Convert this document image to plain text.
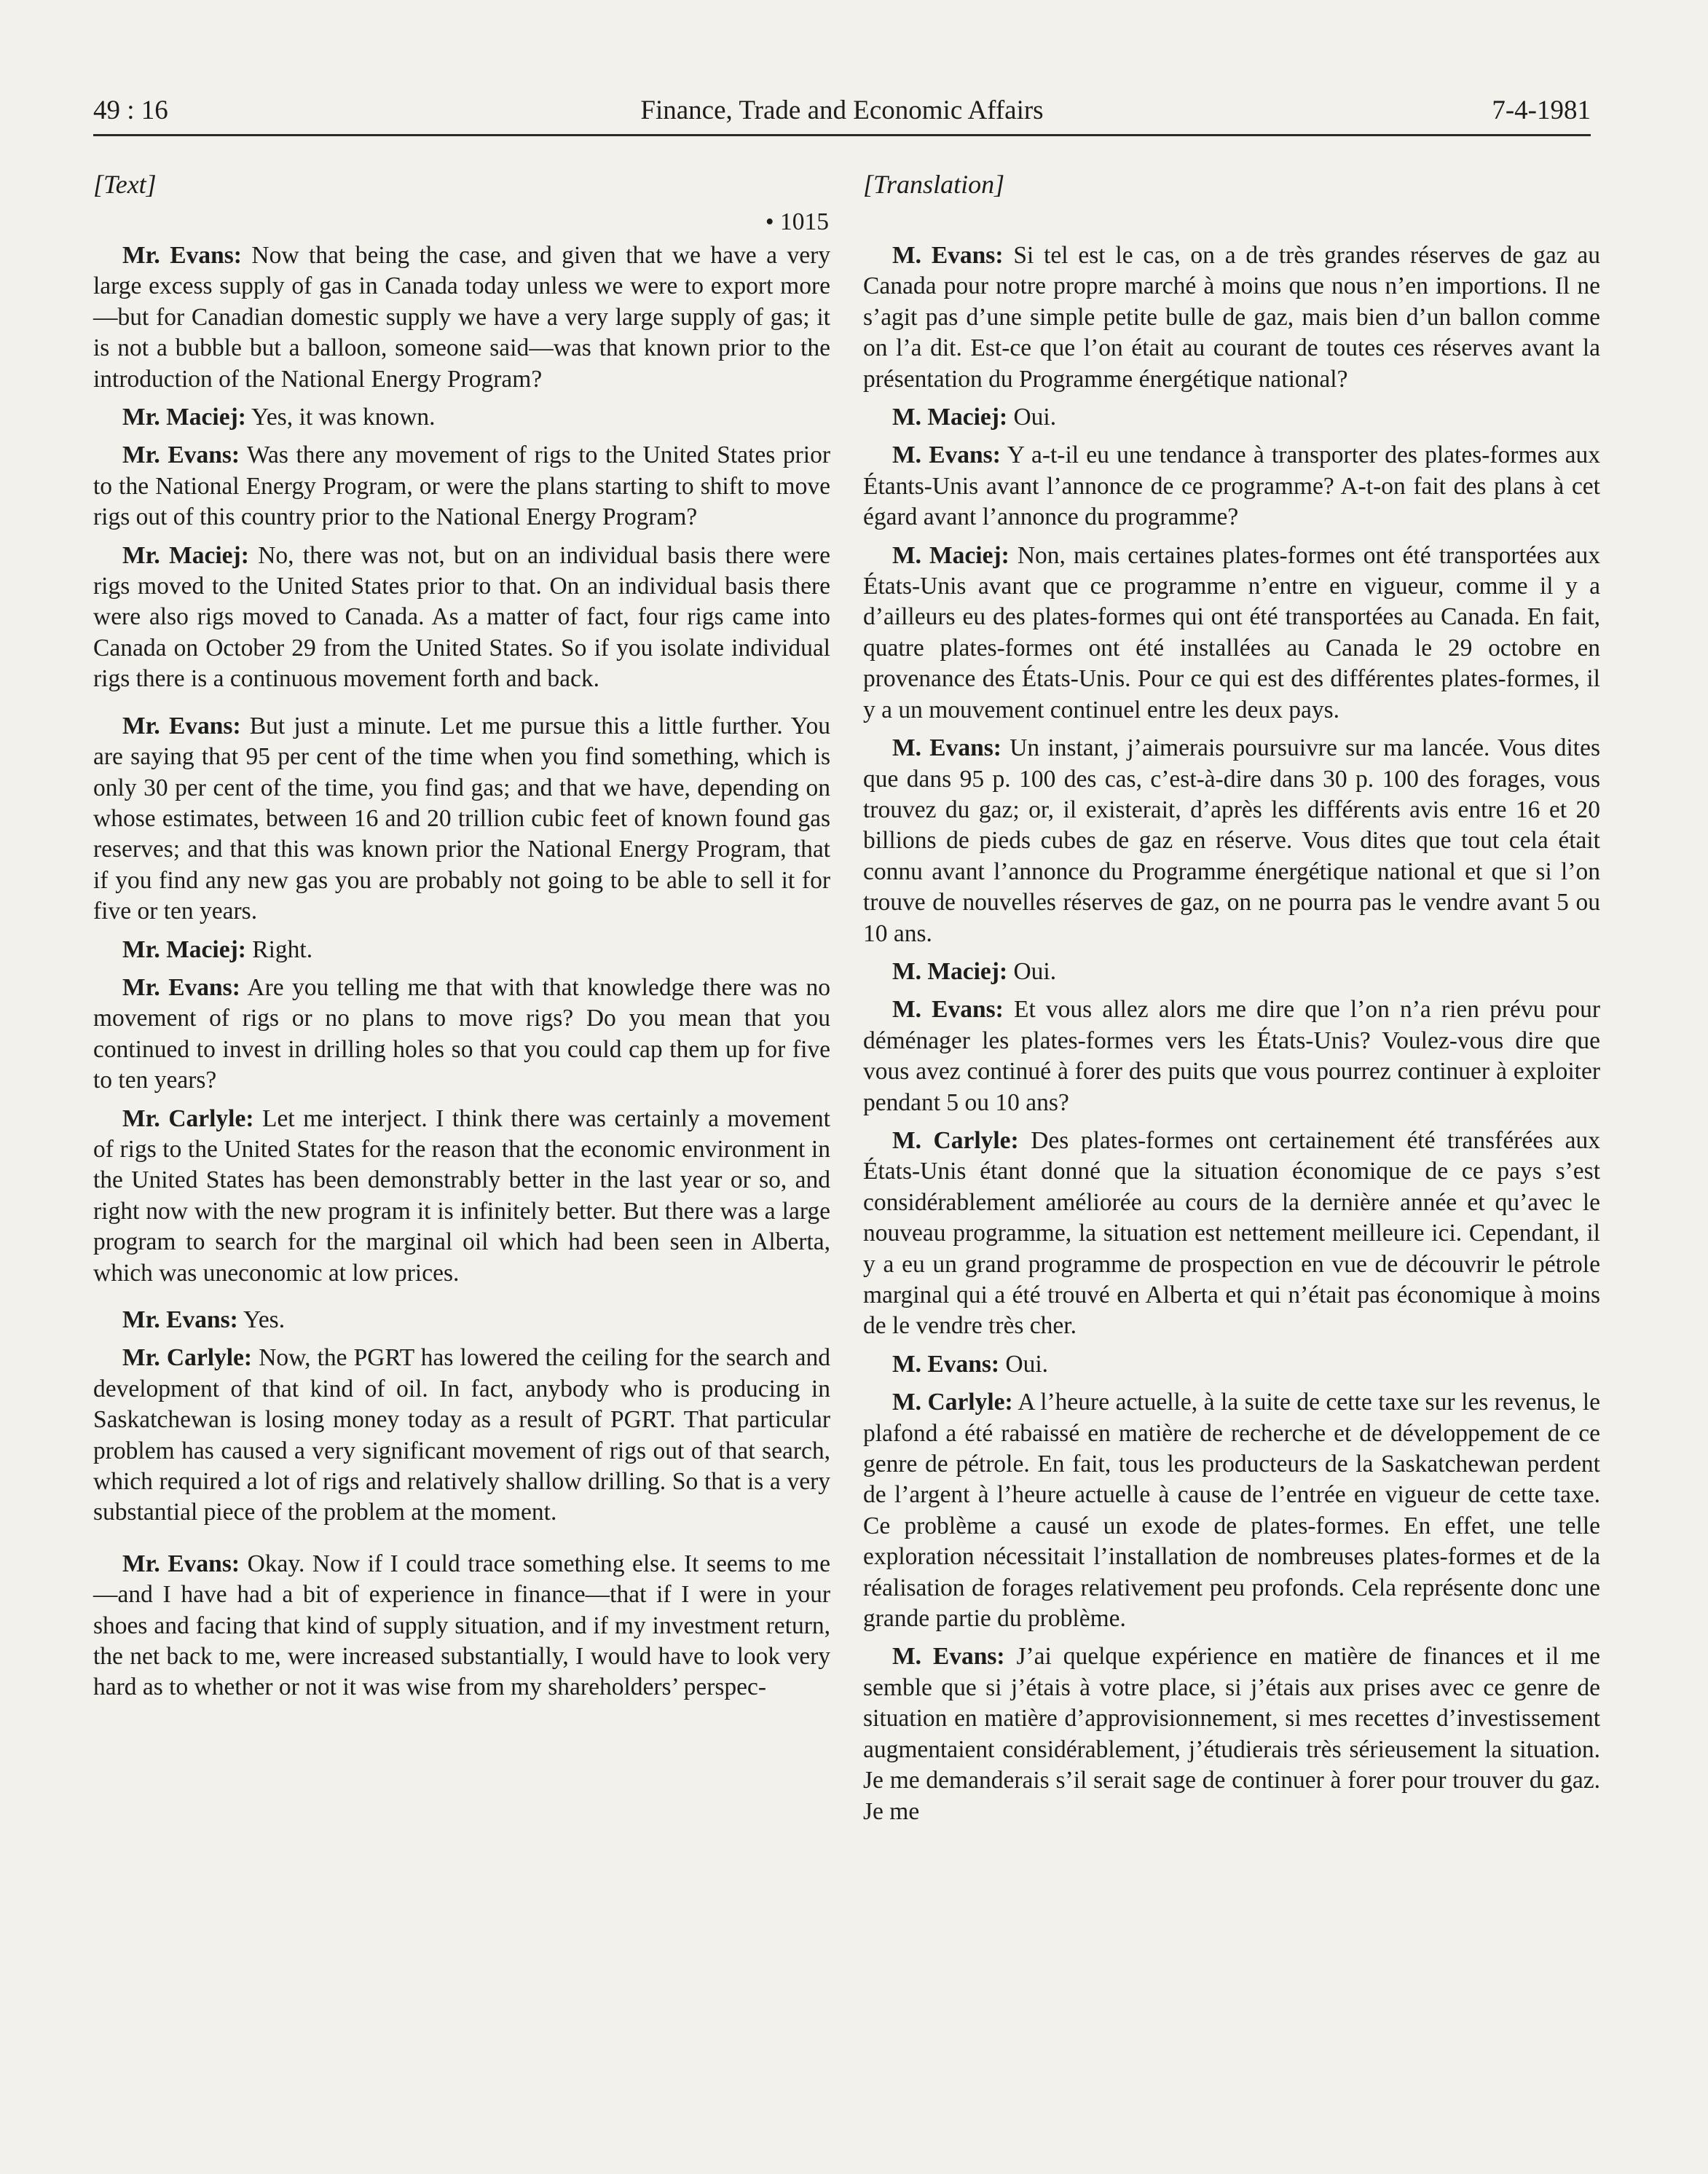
49 : 16	Finance, Trade and Economic Affairs	7-4-1981
[Text]
• 1015

Mr. Evans: Now that being the case, and given that we have a very large excess supply of gas in Canada today unless we were to export more—but for Canadian domestic supply we have a very large supply of gas; it is not a bubble but a balloon, someone said—was that known prior to the introduction of the National Energy Program?

Mr. Maciej: Yes, it was known.

Mr. Evans: Was there any movement of rigs to the United States prior to the National Energy Program, or were the plans starting to shift to move rigs out of this country prior to the National Energy Program?

Mr. Maciej: No, there was not, but on an individual basis there were rigs moved to the United States prior to that. On an individual basis there were also rigs moved to Canada. As a matter of fact, four rigs came into Canada on October 29 from the United States. So if you isolate individual rigs there is a continuous movement forth and back.

Mr. Evans: But just a minute. Let me pursue this a little further. You are saying that 95 per cent of the time when you find something, which is only 30 per cent of the time, you find gas; and that we have, depending on whose estimates, between 16 and 20 trillion cubic feet of known found gas reserves; and that this was known prior the National Energy Program, that if you find any new gas you are probably not going to be able to sell it for five or ten years.

Mr. Maciej: Right.

Mr. Evans: Are you telling me that with that knowledge there was no movement of rigs or no plans to move rigs? Do you mean that you continued to invest in drilling holes so that you could cap them up for five to ten years?

Mr. Carlyle: Let me interject. I think there was certainly a movement of rigs to the United States for the reason that the economic environment in the United States has been demonstrably better in the last year or so, and right now with the new program it is infinitely better. But there was a large program to search for the marginal oil which had been seen in Alberta, which was uneconomic at low prices.

Mr. Evans: Yes.

Mr. Carlyle: Now, the PGRT has lowered the ceiling for the search and development of that kind of oil. In fact, anybody who is producing in Saskatchewan is losing money today as a result of PGRT. That particular problem has caused a very significant movement of rigs out of that search, which required a lot of rigs and relatively shallow drilling. So that is a very substantial piece of the problem at the moment.

Mr. Evans: Okay. Now if I could trace something else. It seems to me—and I have had a bit of experience in finance—that if I were in your shoes and facing that kind of supply situation, and if my investment return, the net back to me, were increased substantially, I would have to look very hard as to whether or not it was wise from my shareholders’ perspec-

[Translation]

M. Evans: Si tel est le cas, on a de très grandes réserves de gaz au Canada pour notre propre marché à moins que nous n’en importions. Il ne s’agit pas d’une simple petite bulle de gaz, mais bien d’un ballon comme on l’a dit. Est-ce que l’on était au courant de toutes ces réserves avant la présentation du Programme énergétique national?

M. Maciej: Oui.

M. Evans: Y a-t-il eu une tendance à transporter des plates-formes aux Étants-Unis avant l’annonce de ce programme? A-t-on fait des plans à cet égard avant l’annonce du programme?

M. Maciej: Non, mais certaines plates-formes ont été transportées aux États-Unis avant que ce programme n’entre en vigueur, comme il y a d’ailleurs eu des plates-formes qui ont été transportées au Canada. En fait, quatre plates-formes ont été installées au Canada le 29 octobre en provenance des États-Unis. Pour ce qui est des différentes plates-formes, il y a un mouvement continuel entre les deux pays.

M. Evans: Un instant, j’aimerais poursuivre sur ma lancée. Vous dites que dans 95 p. 100 des cas, c’est-à-dire dans 30 p. 100 des forages, vous trouvez du gaz; or, il existerait, d’après les différents avis entre 16 et 20 billions de pieds cubes de gaz en réserve. Vous dites que tout cela était connu avant l’annonce du Programme énergétique national et que si l’on trouve de nouvelles réserves de gaz, on ne pourra pas le vendre avant 5 ou 10 ans.

M. Maciej: Oui.

M. Evans: Et vous allez alors me dire que l’on n’a rien prévu pour déménager les plates-formes vers les États-Unis? Voulez-vous dire que vous avez continué à forer des puits que vous pourrez continuer à exploiter pendant 5 ou 10 ans?

M. Carlyle: Des plates-formes ont certainement été transférées aux États-Unis étant donné que la situation économique de ce pays s’est considérablement améliorée au cours de la dernière année et qu’avec le nouveau programme, la situation est nettement meilleure ici. Cependant, il y a eu un grand programme de prospection en vue de découvrir le pétrole marginal qui a été trouvé en Alberta et qui n’était pas économique à moins de le vendre très cher.

M. Evans: Oui.

M. Carlyle: A l’heure actuelle, à la suite de cette taxe sur les revenus, le plafond a été rabaissé en matière de recherche et de développement de ce genre de pétrole. En fait, tous les producteurs de la Saskatchewan perdent de l’argent à l’heure actuelle à cause de l’entrée en vigueur de cette taxe. Ce problème a causé un exode de plates-formes. En effet, une telle exploration nécessitait l’installation de nombreuses plates-formes et de la réalisation de forages relativement peu profonds. Cela représente donc une grande partie du problème.

M. Evans: J’ai quelque expérience en matière de finances et il me semble que si j’étais à votre place, si j’étais aux prises avec ce genre de situation en matière d’approvisionnement, si mes recettes d’investissement augmentaient considérablement, j’étudierais très sérieusement la situation. Je me demanderais s’il serait sage de continuer à forer pour trouver du gaz. Je me
